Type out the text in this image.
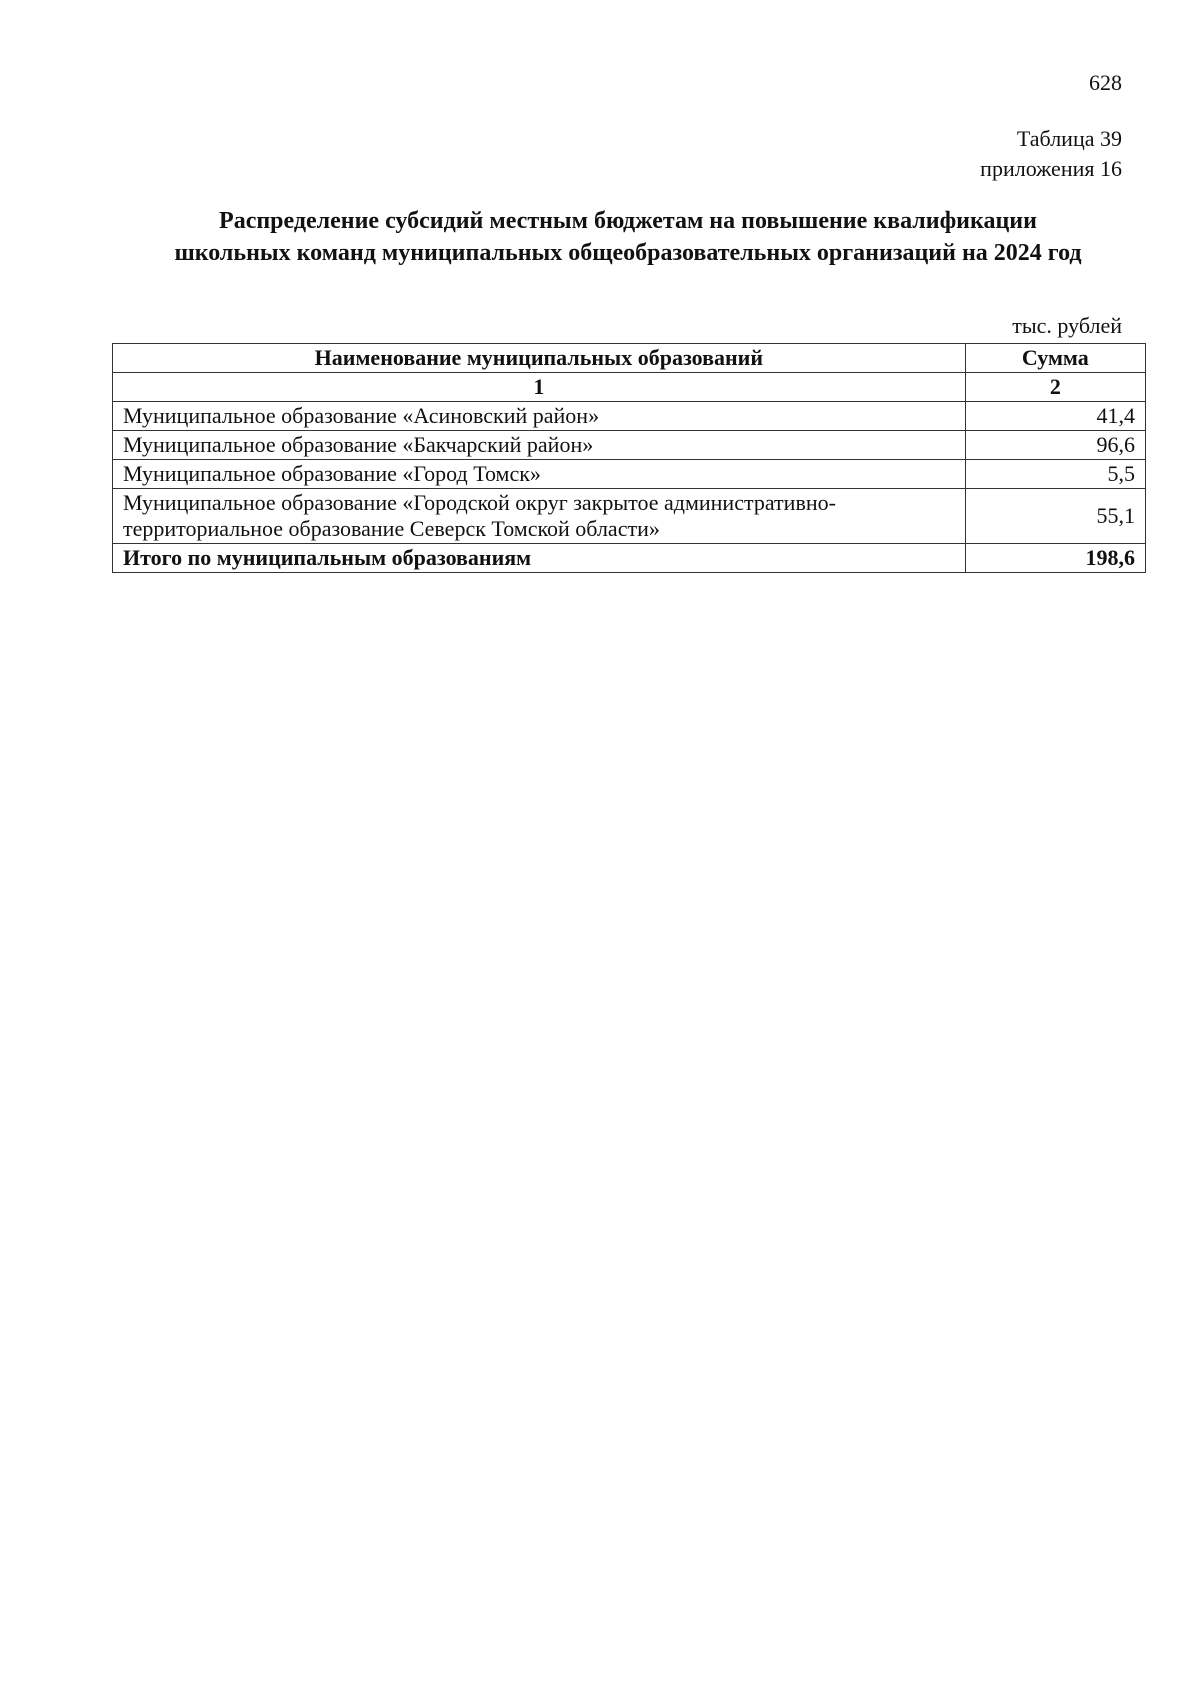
628
Таблица 39
приложения 16
Распределение субсидий местным бюджетам на повышение квалификации
школьных команд муниципальных общеобразовательных организаций на 2024 год
тыс. рублей
Наименование муниципальных образований	Сумма
1	2
Муниципальное образование «Асиновский район»	41,4
Муниципальное образование «Бакчарский район»	96,6
Муниципальное образование «Город Томск»	5,5
Муниципальное образование «Городской округ закрытое административно-территориальное образование Северск Томской области»	55,1
Итого по муниципальным образованиям	198,6
